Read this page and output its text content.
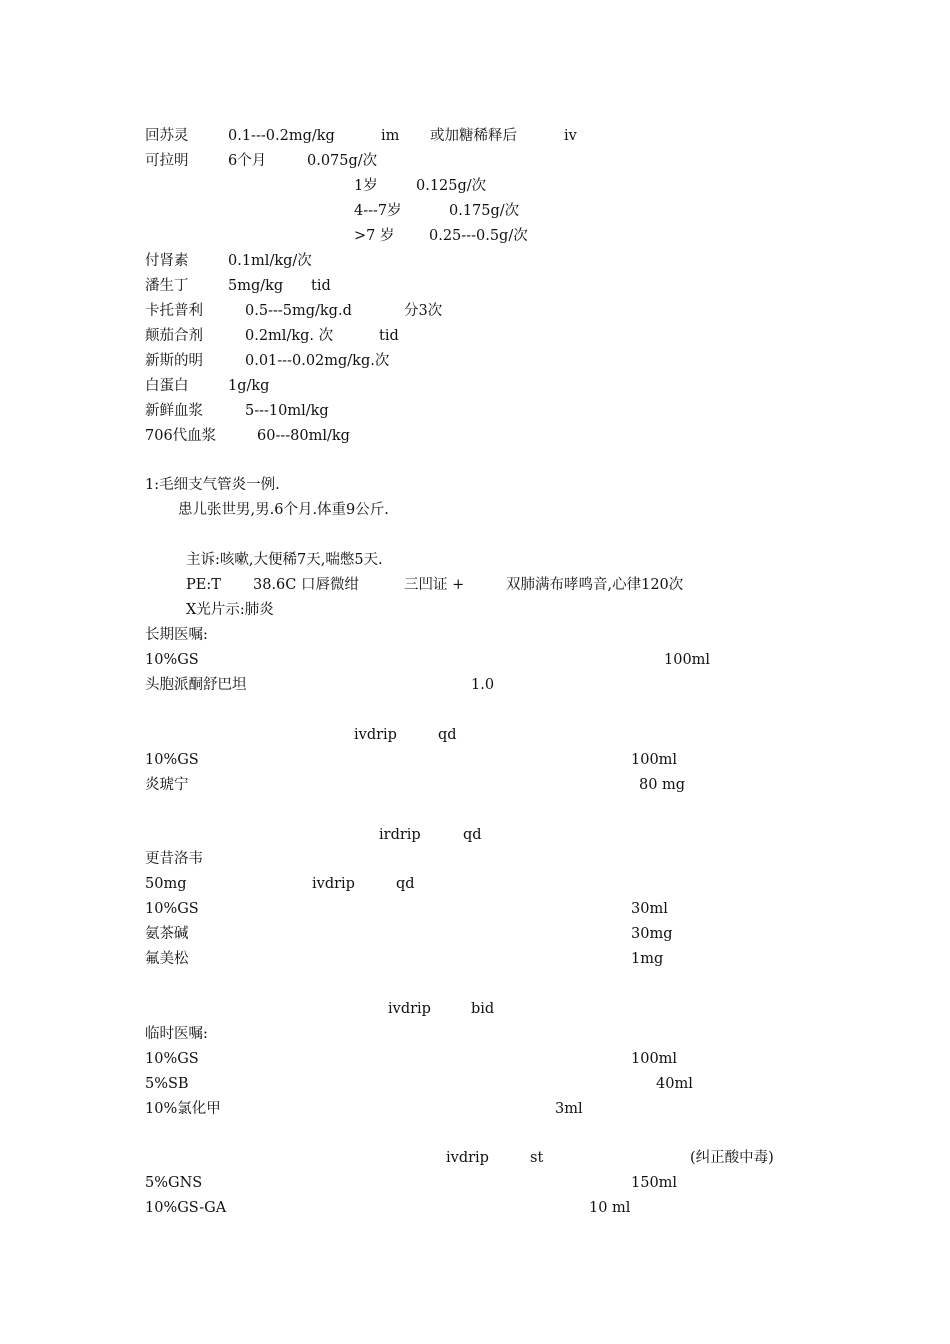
回苏灵	0.1---0.2mg/kg	im 或加糖稀释后	iv
可拉明	6个月	0.075g/次
1岁	0.125g/次
4---7岁	0.175g/次
>7 岁 0.25---0.5g/次
付肾素	0.1ml/kg/次
潘生丁	5mg/kg tid
卡托普利	0.5---5mg/kg.d	分3次
颠茄合剂	0.2ml/kg. 次	tid
新斯的明	0.01---0.02mg/kg.次
白蛋白	1g/kg
新鲜血浆	5---10ml/kg
706代血浆	60---80ml/kg
1:毛细支气管炎一例.
患儿张世男,男.6个月.体重9公斤.
主诉:咳嗽,大便稀7天,喘憋5天.
PE:T 38.6C 口唇微绀	三凹证 +	双肺满布哮鸣音,心律120次
X光片示:肺炎
长期医嘱:
10%GS	100ml
头胞派酮舒巴坦	1.0
ivdrip	qd
10%GS	100ml
炎琥宁	80 mg
irdrip	qd
更昔洛韦
50mg	ivdrip	qd
10%GS	30ml
氨茶碱	30mg
氟美松	1mg
ivdrip	bid
临时医嘱:
10%GS	100ml
5%SB	40ml
10%氯化甲	3ml
ivdrip	st	(纠正酸中毒)
5%GNS	150ml
10%GS-GA	10 ml
